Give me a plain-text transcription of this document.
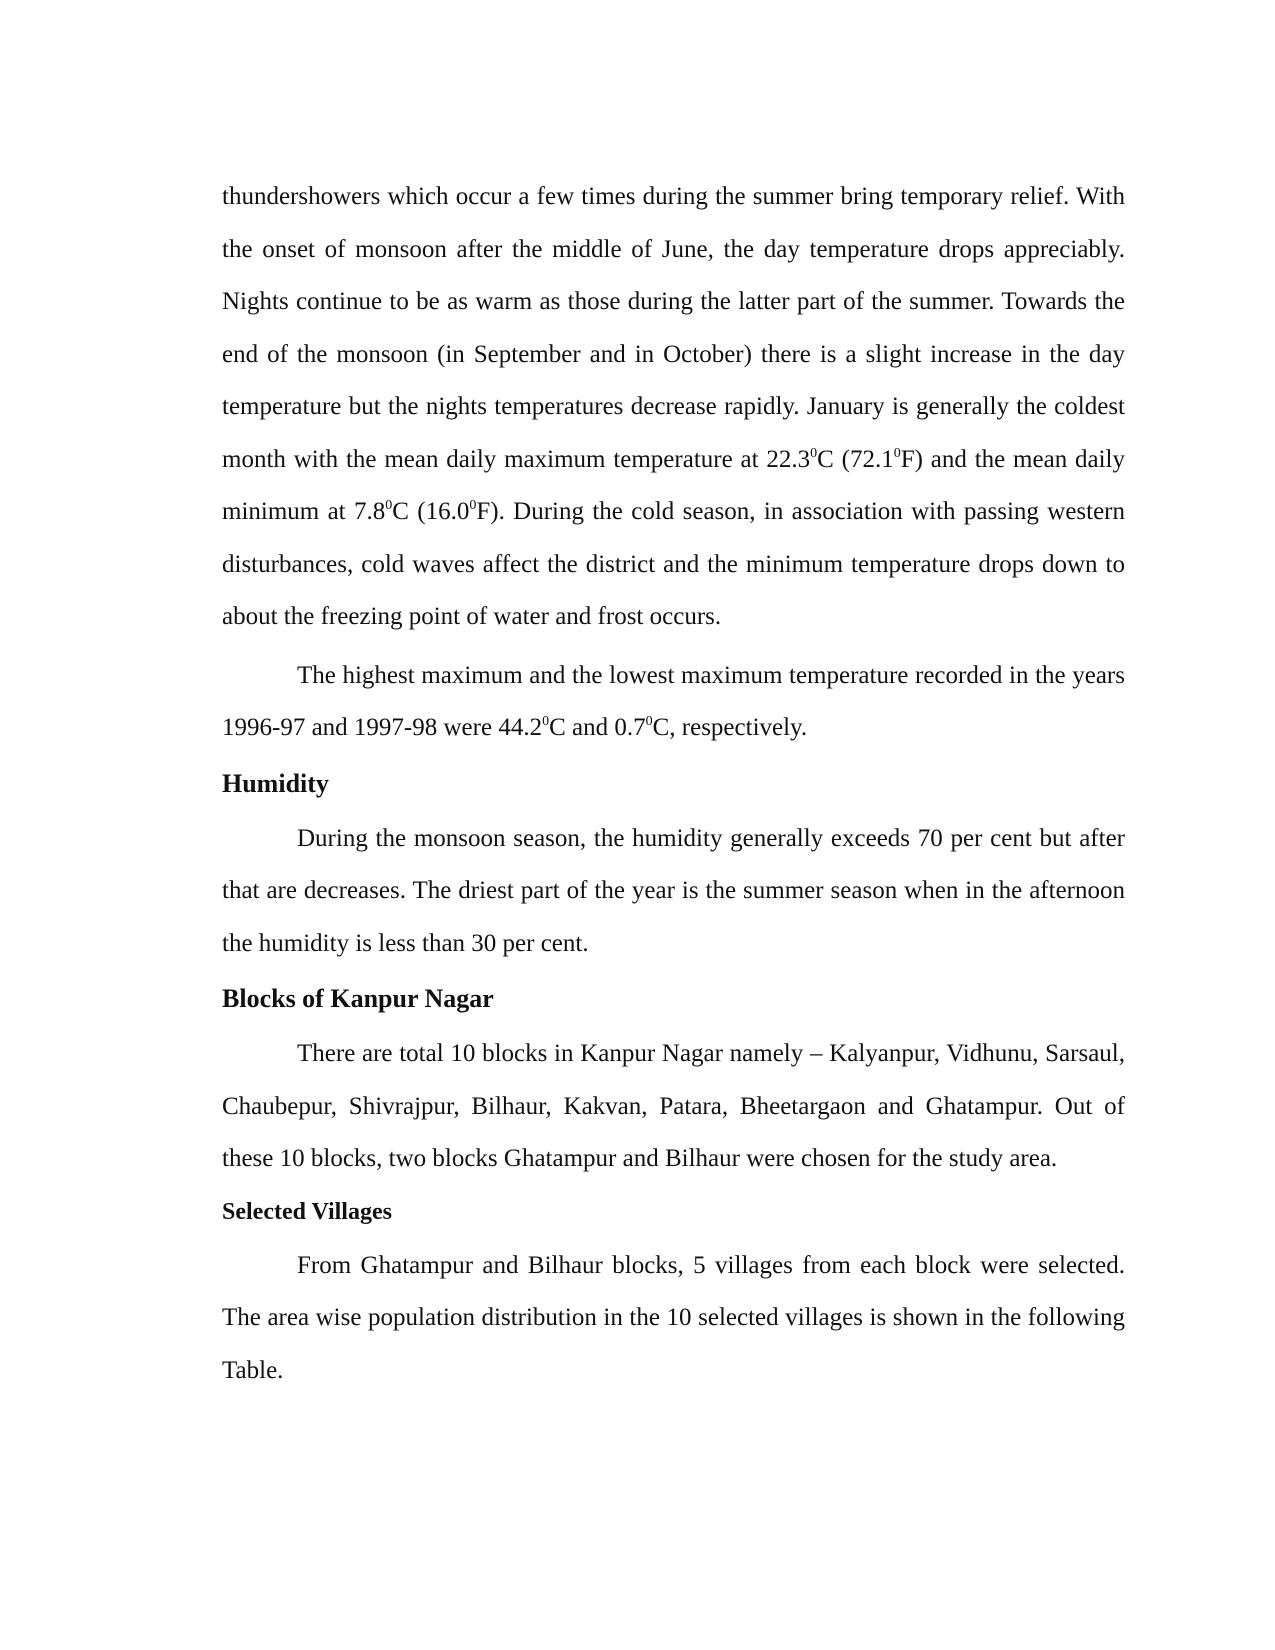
thundershowers which occur a few times during the summer bring temporary relief. With the onset of monsoon after the middle of June, the day temperature drops appreciably. Nights continue to be as warm as those during the latter part of the summer. Towards the end of the monsoon (in September and in October) there is a slight increase in the day temperature but the nights temperatures decrease rapidly. January is generally the coldest month with the mean daily maximum temperature at 22.3$^0$C (72.1$^0$F) and the mean daily minimum at $7.8^0C$ (16.0$^0$F). During the cold season, in association with passing western disturbances, cold waves affect the district and the minimum temperature drops down to about the freezing point of water and frost occurs.

The highest maximum and the lowest maximum temperature recorded in the years 1996-97 and 1997-98 were 44.2$^0$C and $0.7^0C$, respectively.

Humidity

During the monsoon season, the humidity generally exceeds 70 per cent but after that are decreases. The driest part of the year is the summer season when in the afternoon the humidity is less than 30 per cent.

Blocks of Kanpur Nagar

There are total 10 blocks in Kanpur Nagar namely – Kalyanpur, Vidhunu, Sarsaul, Chaubepur, Shivrajpur, Bilhaur, Kakvan, Patara, Bheetargaon and Ghatampur. Out of these 10 blocks, two blocks Ghatampur and Bilhaur were chosen for the study area.

Selected Villages

From Ghatampur and Bilhaur blocks, 5 villages from each block were selected. The area wise population distribution in the 10 selected villages is shown in the following Table.
